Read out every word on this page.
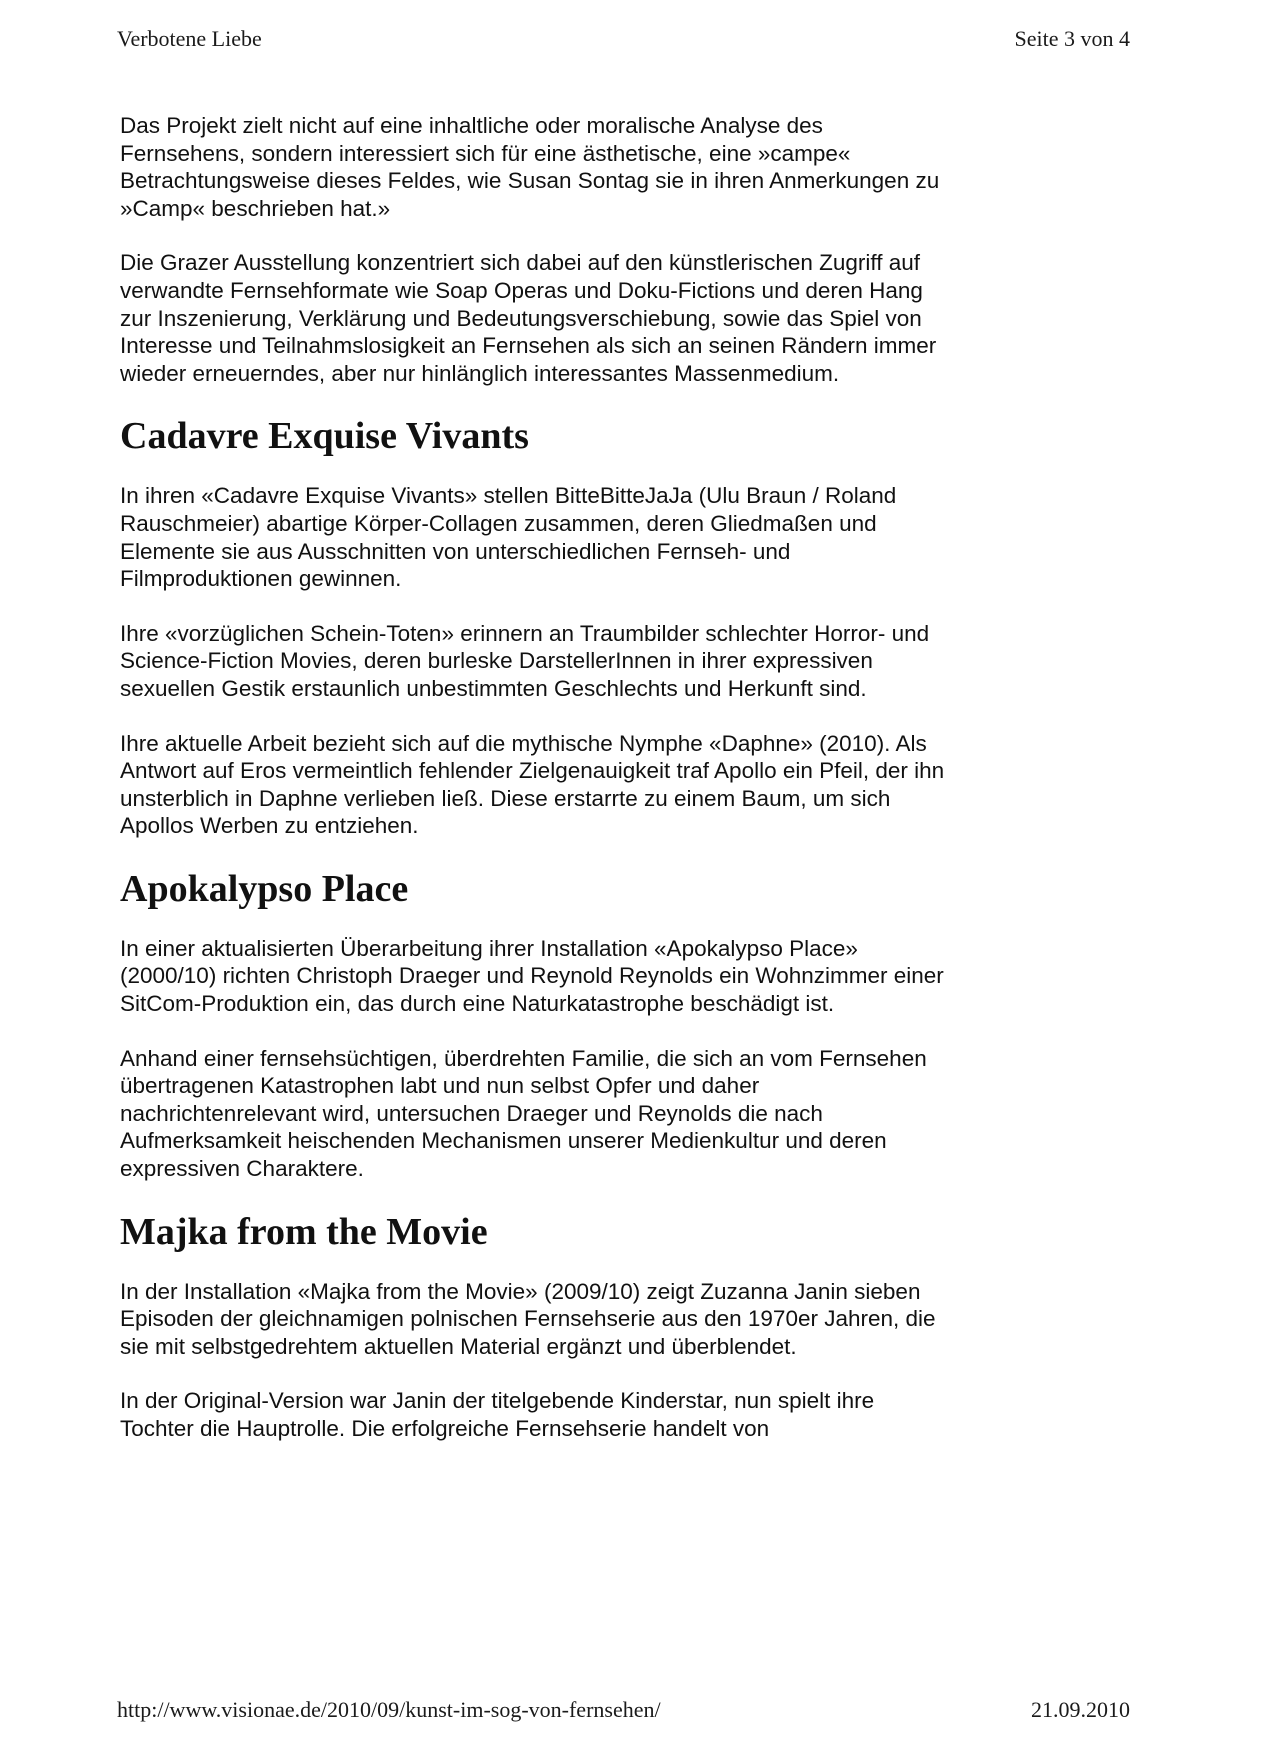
Verbotene Liebe	Seite 3 von 4

Das Projekt zielt nicht auf eine inhaltliche oder moralische Analyse des Fernsehens, sondern interessiert sich für eine ästhetische, eine »campe« Betrachtungsweise dieses Feldes, wie Susan Sontag sie in ihren Anmerkungen zu »Camp« beschrieben hat.»

Die Grazer Ausstellung konzentriert sich dabei auf den künstlerischen Zugriff auf verwandte Fernsehformate wie Soap Operas und Doku-Fictions und deren Hang zur Inszenierung, Verklärung und Bedeutungsverschiebung, sowie das Spiel von Interesse und Teilnahmslosigkeit an Fernsehen als sich an seinen Rändern immer wieder erneuerndes, aber nur hinlänglich interessantes Massenmedium.

Cadavre Exquise Vivants

In ihren «Cadavre Exquise Vivants» stellen BitteBitteJaJa (Ulu Braun / Roland Rauschmeier) abartige Körper-Collagen zusammen, deren Gliedmaßen und Elemente sie aus Ausschnitten von unterschiedlichen Fernseh- und Filmproduktionen gewinnen.

Ihre «vorzüglichen Schein-Toten» erinnern an Traumbilder schlechter Horror- und Science-Fiction Movies, deren burleske DarstellerInnen in ihrer expressiven sexuellen Gestik erstaunlich unbestimmten Geschlechts und Herkunft sind.

Ihre aktuelle Arbeit bezieht sich auf die mythische Nymphe «Daphne» (2010). Als Antwort auf Eros vermeintlich fehlender Zielgenauigkeit traf Apollo ein Pfeil, der ihn unsterblich in Daphne verlieben ließ. Diese erstarrte zu einem Baum, um sich Apollos Werben zu entziehen.

Apokalypso Place

In einer aktualisierten Überarbeitung ihrer Installation «Apokalypso Place» (2000/10) richten Christoph Draeger und Reynold Reynolds ein Wohnzimmer einer SitCom-Produktion ein, das durch eine Naturkatastrophe beschädigt ist.

Anhand einer fernsehsüchtigen, überdrehten Familie, die sich an vom Fernsehen übertragenen Katastrophen labt und nun selbst Opfer und daher nachrichtenrelevant wird, untersuchen Draeger und Reynolds die nach Aufmerksamkeit heischenden Mechanismen unserer Medienkultur und deren expressiven Charaktere.

Majka from the Movie

In der Installation «Majka from the Movie» (2009/10) zeigt Zuzanna Janin sieben Episoden der gleichnamigen polnischen Fernsehserie aus den 1970er Jahren, die sie mit selbstgedrehtem aktuellen Material ergänzt und überblendet.

In der Original-Version war Janin der titelgebende Kinderstar, nun spielt ihre Tochter die Hauptrolle. Die erfolgreiche Fernsehserie handelt von

http://www.visionae.de/2010/09/kunst-im-sog-von-fernsehen/	21.09.2010
